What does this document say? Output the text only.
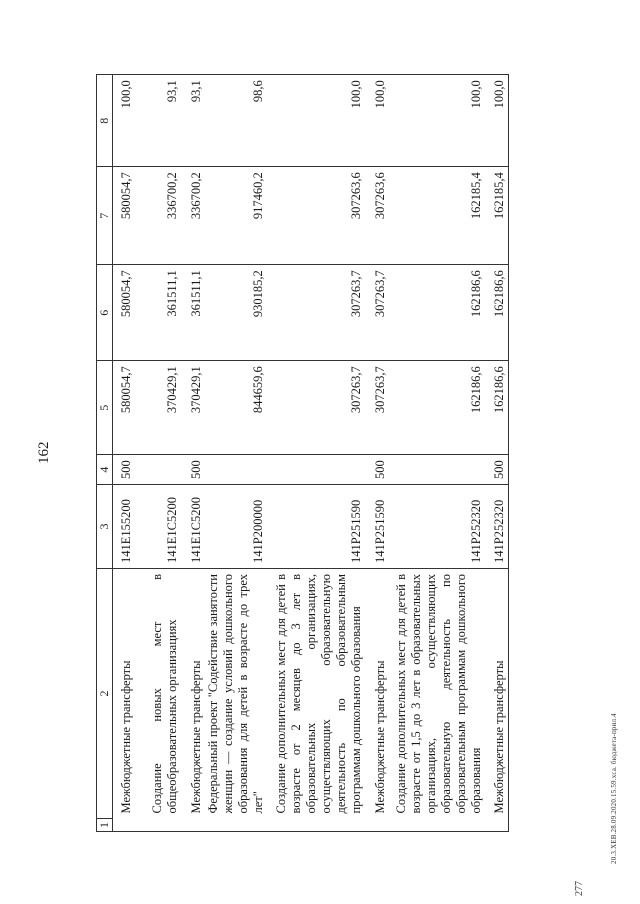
162
1	2	3	4	5	6	7	8
	Межбюджетные трансферты	141E155200	500	580054,7	580054,7	580054,7	100,0
	Создание новых мест в общеобразовательных организациях	141E1C5200		370429,1	361511,1	336700,2	93,1
	Межбюджетные трансферты	141E1C5200	500	370429,1	361511,1	336700,2	93,1
	Федеральный проект "Содействие занятости женщин — создание условий дошкольного образования для детей в возрасте до трех лет"	141P200000		844659,6	930185,2	917460,2	98,6
	Создание дополнительных мест для детей в возрасте от 2 месяцев до 3 лет в образовательных организациях, осуществляющих образовательную деятельность по образовательным программам дошкольного образования	141P251590		307263,7	307263,7	307263,6	100,0
	Межбюджетные трансферты	141P251590	500	307263,7	307263,7	307263,6	100,0
	Создание дополнительных мест для детей в возрасте от 1,5 до 3 лет в образовательных организациях, осуществляющих образовательную деятельность по образовательным программам дошкольного образования	141P252320		162186,6	162186,6	162185,4	100,0
	Межбюджетные трансферты	141P252320	500	162186,6	162186,6	162185,4	100,0
20.3.ХЕВ.28.09.2020.15.59.xca. бюджета-прил.4
277
